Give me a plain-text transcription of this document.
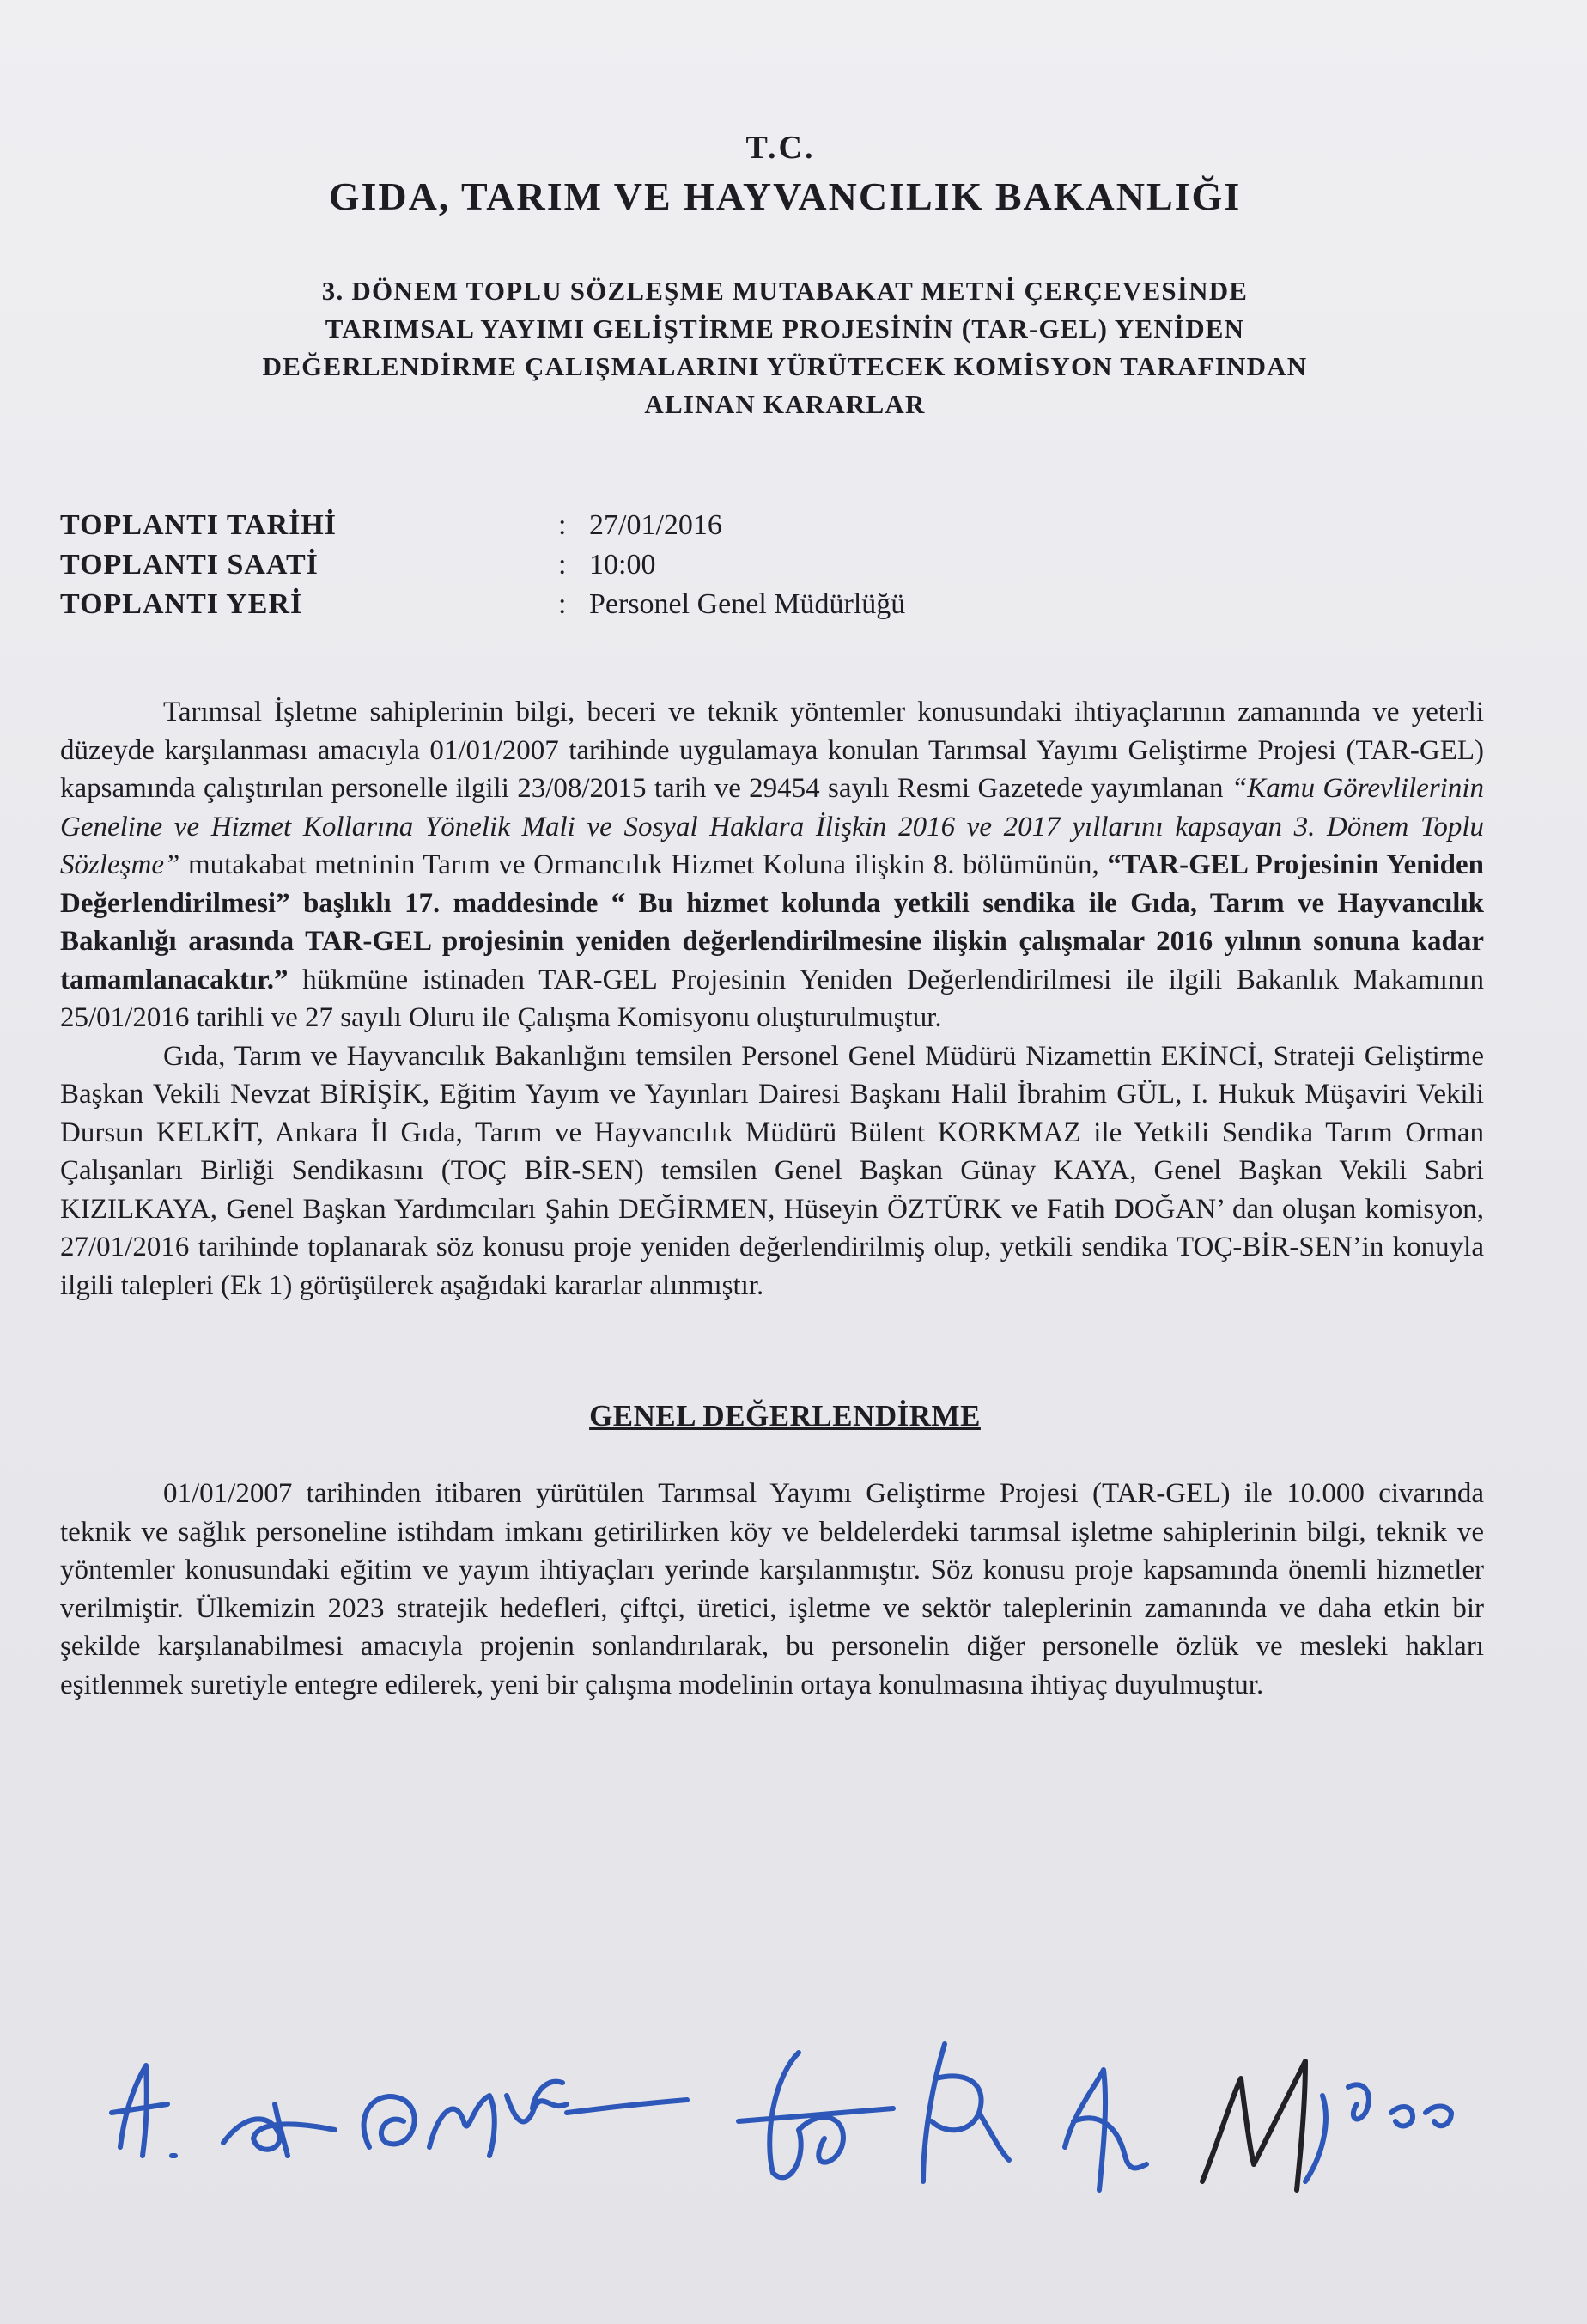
T.C.
GIDA, TARIM VE HAYVANCILIK BAKANLIĞI
3. DÖNEM TOPLU SÖZLEŞME MUTABAKAT METNİ ÇERÇEVESİNDE
TARIMSAL YAYIMI GELİŞTİRME PROJESİNİN (TAR-GEL) YENİDEN
DEĞERLENDİRME ÇALIŞMALARINI YÜRÜTECEK KOMİSYON TARAFINDAN
ALINAN KARARLAR
TOPLANTI TARİHİ	: 27/01/2016
TOPLANTI SAATİ	: 10:00
TOPLANTI YERİ	: Personel Genel Müdürlüğü

Tarımsal İşletme sahiplerinin bilgi, beceri ve teknik yöntemler konusundaki ihtiyaçlarının zamanında ve yeterli düzeyde karşılanması amacıyla 01/01/2007 tarihinde uygulamaya konulan Tarımsal Yayımı Geliştirme Projesi (TAR-GEL) kapsamında çalıştırılan personelle ilgili 23/08/2015 tarih ve 29454 sayılı Resmi Gazetede yayımlanan “Kamu Görevlilerinin Geneline ve Hizmet Kollarına Yönelik Mali ve Sosyal Haklara İlişkin 2016 ve 2017 yıllarını kapsayan 3. Dönem Toplu Sözleşme” mutakabat metninin Tarım ve Ormancılık Hizmet Koluna ilişkin 8. bölümünün, “TAR-GEL Projesinin Yeniden Değerlendirilmesi” başlıklı 17. maddesinde “ Bu hizmet kolunda yetkili sendika ile Gıda, Tarım ve Hayvancılık Bakanlığı arasında TAR-GEL projesinin yeniden değerlendirilmesine ilişkin çalışmalar 2016 yılının sonuna kadar tamamlanacaktır.” hükmüne istinaden TAR-GEL Projesinin Yeniden Değerlendirilmesi ile ilgili Bakanlık Makamının 25/01/2016 tarihli ve 27 sayılı Oluru ile Çalışma Komisyonu oluşturulmuştur.

Gıda, Tarım ve Hayvancılık Bakanlığını temsilen Personel Genel Müdürü Nizamettin EKİNCİ, Strateji Geliştirme Başkan Vekili Nevzat BİRİŞİK, Eğitim Yayım ve Yayınları Dairesi Başkanı Halil İbrahim GÜL, I. Hukuk Müşaviri Vekili Dursun KELKİT, Ankara İl Gıda, Tarım ve Hayvancılık Müdürü Bülent KORKMAZ ile Yetkili Sendika Tarım Orman Çalışanları Birliği Sendikasını (TOÇ BİR-SEN) temsilen Genel Başkan Günay KAYA, Genel Başkan Vekili Sabri KIZILKAYA, Genel Başkan Yardımcıları Şahin DEĞİRMEN, Hüseyin ÖZTÜRK ve Fatih DOĞAN’ dan oluşan komisyon, 27/01/2016 tarihinde toplanarak söz konusu proje yeniden değerlendirilmiş olup, yetkili sendika TOÇ-BİR-SEN’in konuyla ilgili talepleri (Ek 1) görüşülerek aşağıdaki kararlar alınmıştır.

GENEL DEĞERLENDİRME

01/01/2007 tarihinden itibaren yürütülen Tarımsal Yayımı Geliştirme Projesi (TAR-GEL) ile 10.000 civarında teknik ve sağlık personeline istihdam imkanı getirilirken köy ve beldelerdeki tarımsal işletme sahiplerinin bilgi, teknik ve yöntemler konusundaki eğitim ve yayım ihtiyaçları yerinde karşılanmıştır. Söz konusu proje kapsamında önemli hizmetler verilmiştir. Ülkemizin 2023 stratejik hedefleri, çiftçi, üretici, işletme ve sektör taleplerinin zamanında ve daha etkin bir şekilde karşılanabilmesi amacıyla projenin sonlandırılarak, bu personelin diğer personelle özlük ve mesleki hakları eşitlenmek suretiyle entegre edilerek, yeni bir çalışma modelinin ortaya konulmasına ihtiyaç duyulmuştur.
